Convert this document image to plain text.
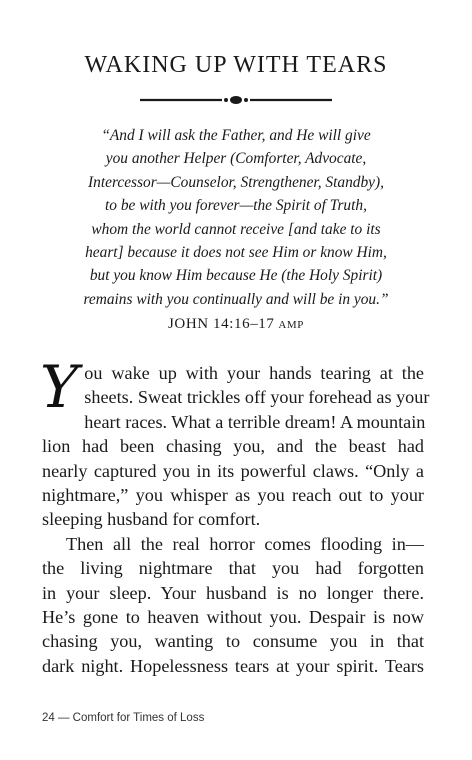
WAKING UP WITH TEARS
“And I will ask the Father, and He will give
you another Helper (Comforter, Advocate,
Intercessor—Counselor, Strengthener, Standby),
to be with you forever—the Spirit of Truth,
whom the world cannot receive [and take to its
heart] because it does not see Him or know Him,
but you know Him because He (the Holy Spirit)
remains with you continually and will be in you.”
JOHN 14:16–17 AMP
Y ou wake up with your hands tearing at the
sheets. Sweat trickles off your forehead as your
heart races. What a terrible dream! A mountain
lion had been chasing you, and the beast had
nearly captured you in its powerful claws. “Only a
nightmare,” you whisper as you reach out to your
sleeping husband for comfort.
Then all the real horror comes flooding in—
the living nightmare that you had forgotten
in your sleep. Your husband is no longer there.
He’s gone to heaven without you. Despair is now
chasing you, wanting to consume you in that
dark night. Hopelessness tears at your spirit. Tears
24 — Comfort for Times of Loss
